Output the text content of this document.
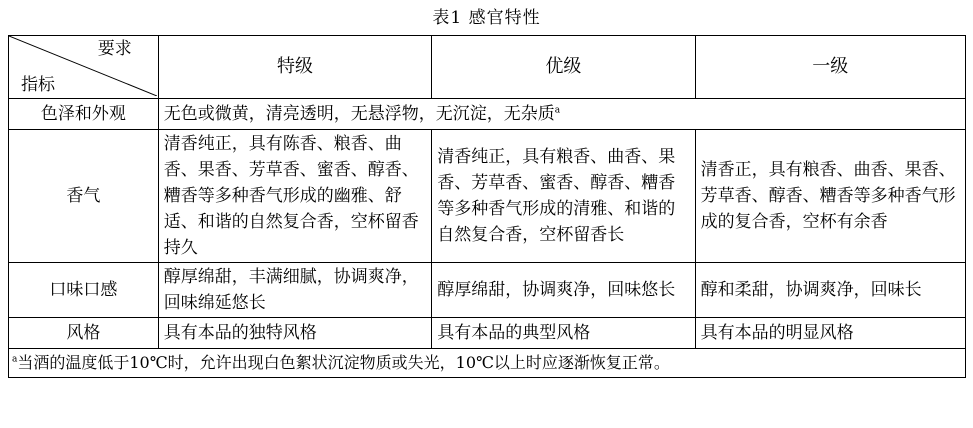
表1 感官特性
要求
指标	特级	优级	一级
色泽和外观	无色或微黄，清亮透明，无悬浮物，无沉淀，无杂质$^a$
香气	清香纯正，具有陈香、粮香、曲香、果香、芳草香、蜜香、醇香、糟香等多种香气形成的幽雅、舒适、和谐的自然复合香，空杯留香持久	清香纯正，具有粮香、曲香、果香、芳草香、蜜香、醇香、糟香等多种香气形成的清雅、和谐的自然复合香，空杯留香长	清香正，具有粮香、曲香、果香、芳草香、醇香、糟香等多种香气形成的复合香，空杯有余香
口味口感	醇厚绵甜，丰满细腻，协调爽净，回味绵延悠长	醇厚绵甜，协调爽净，回味悠长	醇和柔甜，协调爽净，回味长
风格	具有本品的独特风格	具有本品的典型风格	具有本品的明显风格
$^a$当酒的温度低于10℃时，允许出现白色絮状沉淀物质或失光，10℃以上时应逐渐恢复正常。			
